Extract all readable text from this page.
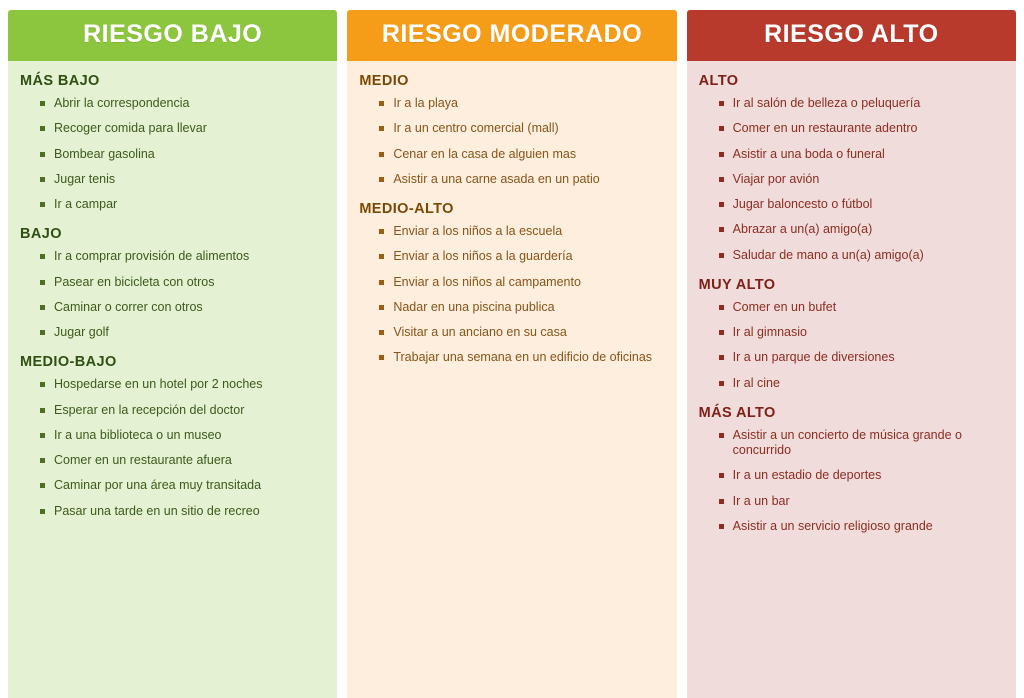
RIESGO BAJO
MÁS BAJO
Abrir la correspondencia
Recoger comida para llevar
Bombear gasolina
Jugar tenis
Ir a campar
BAJO
Ir a comprar provisión de alimentos
Pasear en bicicleta con otros
Caminar o correr con otros
Jugar golf
MEDIO-BAJO
Hospedarse en un hotel por 2 noches
Esperar en la recepción del doctor
Ir a una biblioteca o un museo
Comer en un restaurante afuera
Caminar por una área muy transitada
Pasar una tarde en un sitio de recreo
RIESGO MODERADO
MEDIO
Ir a la playa
Ir a un centro comercial (mall)
Cenar en la casa de alguien mas
Asistir a una carne asada en un patio
MEDIO-ALTO
Enviar a los niños a la escuela
Enviar a los niños a la guardería
Enviar a los niños al campamento
Nadar en una piscina publica
Visitar a un anciano en su casa
Trabajar una semana en un edificio de oficinas
RIESGO ALTO
ALTO
Ir al salón de belleza o peluquería
Comer en un restaurante adentro
Asistir a una boda o funeral
Viajar por avión
Jugar baloncesto o fútbol
Abrazar a un(a) amigo(a)
Saludar de mano a un(a) amigo(a)
MUY ALTO
Comer en un bufet
Ir al gimnasio
Ir a un parque de diversiones
Ir al cine
MÁS ALTO
Asistir a un concierto de música grande o concurrido
Ir a un estadio de deportes
Ir a un bar
Asistir a un servicio religioso grande
